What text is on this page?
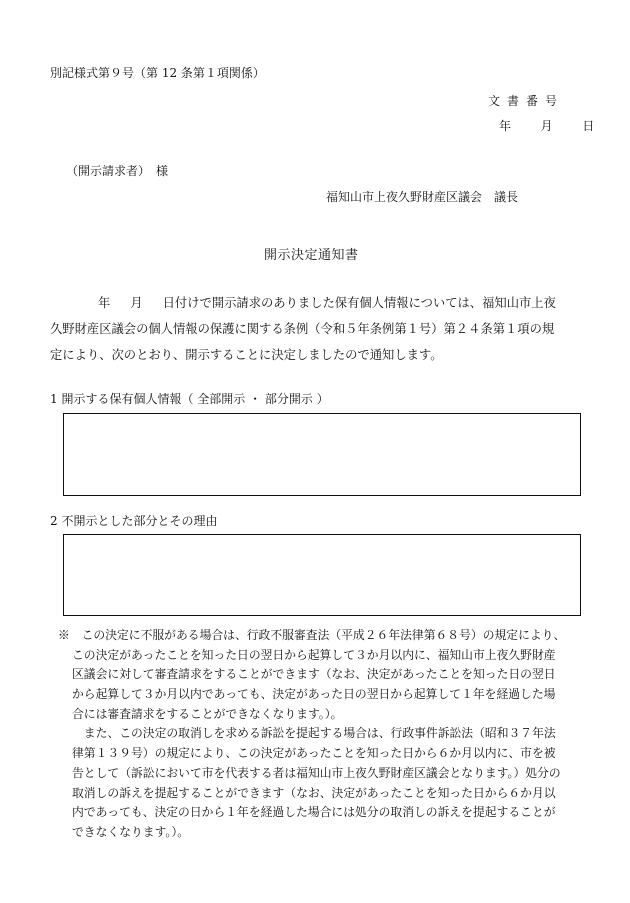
別記様式第９号（第 12 条第１項関係）
文書番号
年 月 日
（開示請求者）　様
福知山市上夜久野財産区議会　議長
開示決定通知書
年 月 日付けで開示請求のありました保有個人情報については、福知山市上夜
久野財産区議会の個人情報の保護に関する条例（令和５年条例第１号）第２４条第１項の規
定により、次のとおり、開示することに決定しましたので通知します。
1 開示する保有個人情報（ 全部開示 ・ 部分開示 ）
2 不開示とした部分とその理由
※　この決定に不服がある場合は、行政不服審査法（平成２６年法律第６８号）の規定により、
この決定があったことを知った日の翌日から起算して３か月以内に、福知山市上夜久野財産
区議会に対して審査請求をすることができます（なお、決定があったことを知った日の翌日
から起算して３か月以内であっても、決定があった日の翌日から起算して１年を経過した場
合には審査請求をすることができなくなります。）。
　また、この決定の取消しを求める訴訟を提起する場合は、行政事件訴訟法（昭和３７年法
律第１３９号）の規定により、この決定があったことを知った日から６か月以内に、市を被
告として（訴訟において市を代表する者は福知山市上夜久野財産区議会となります。）処分の
取消しの訴えを提起することができます（なお、決定があったことを知った日から６か月以
内であっても、決定の日から１年を経過した場合には処分の取消しの訴えを提起することが
できなくなります。）。
